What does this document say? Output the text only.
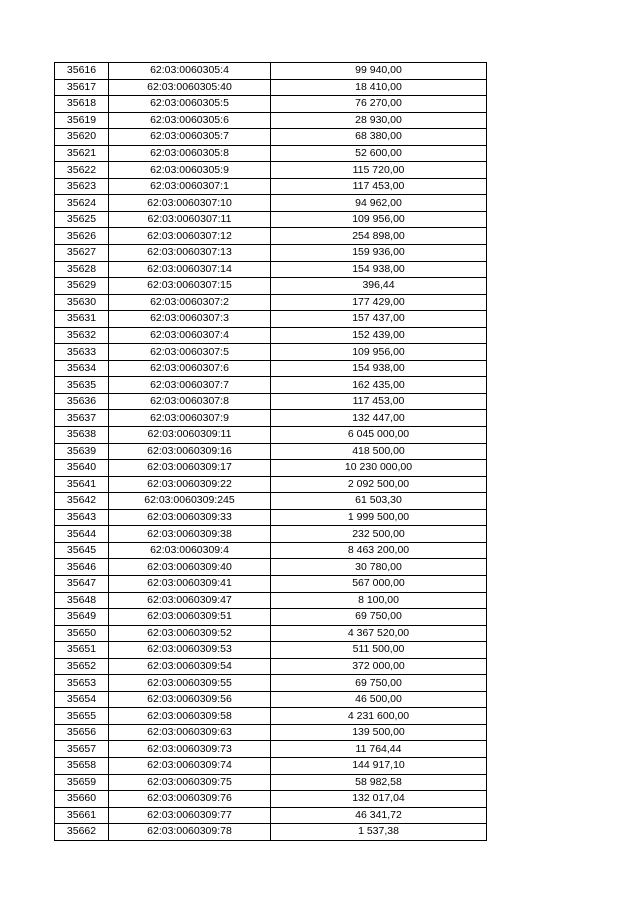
35616	62:03:0060305:4	99 940,00
35617	62:03:0060305:40	18 410,00
35618	62:03:0060305:5	76 270,00
35619	62:03:0060305:6	28 930,00
35620	62:03:0060305:7	68 380,00
35621	62:03:0060305:8	52 600,00
35622	62:03:0060305:9	115 720,00
35623	62:03:0060307:1	117 453,00
35624	62:03:0060307:10	94 962,00
35625	62:03:0060307:11	109 956,00
35626	62:03:0060307:12	254 898,00
35627	62:03:0060307:13	159 936,00
35628	62:03:0060307:14	154 938,00
35629	62:03:0060307:15	396,44
35630	62:03:0060307:2	177 429,00
35631	62:03:0060307:3	157 437,00
35632	62:03:0060307:4	152 439,00
35633	62:03:0060307:5	109 956,00
35634	62:03:0060307:6	154 938,00
35635	62:03:0060307:7	162 435,00
35636	62:03:0060307:8	117 453,00
35637	62:03:0060307:9	132 447,00
35638	62:03:0060309:11	6 045 000,00
35639	62:03:0060309:16	418 500,00
35640	62:03:0060309:17	10 230 000,00
35641	62:03:0060309:22	2 092 500,00
35642	62:03:0060309:245	61 503,30
35643	62:03:0060309:33	1 999 500,00
35644	62:03:0060309:38	232 500,00
35645	62:03:0060309:4	8 463 200,00
35646	62:03:0060309:40	30 780,00
35647	62:03:0060309:41	567 000,00
35648	62:03:0060309:47	8 100,00
35649	62:03:0060309:51	69 750,00
35650	62:03:0060309:52	4 367 520,00
35651	62:03:0060309:53	511 500,00
35652	62:03:0060309:54	372 000,00
35653	62:03:0060309:55	69 750,00
35654	62:03:0060309:56	46 500,00
35655	62:03:0060309:58	4 231 600,00
35656	62:03:0060309:63	139 500,00
35657	62:03:0060309:73	11 764,44
35658	62:03:0060309:74	144 917,10
35659	62:03:0060309:75	58 982,58
35660	62:03:0060309:76	132 017,04
35661	62:03:0060309:77	46 341,72
35662	62:03:0060309:78	1 537,38
